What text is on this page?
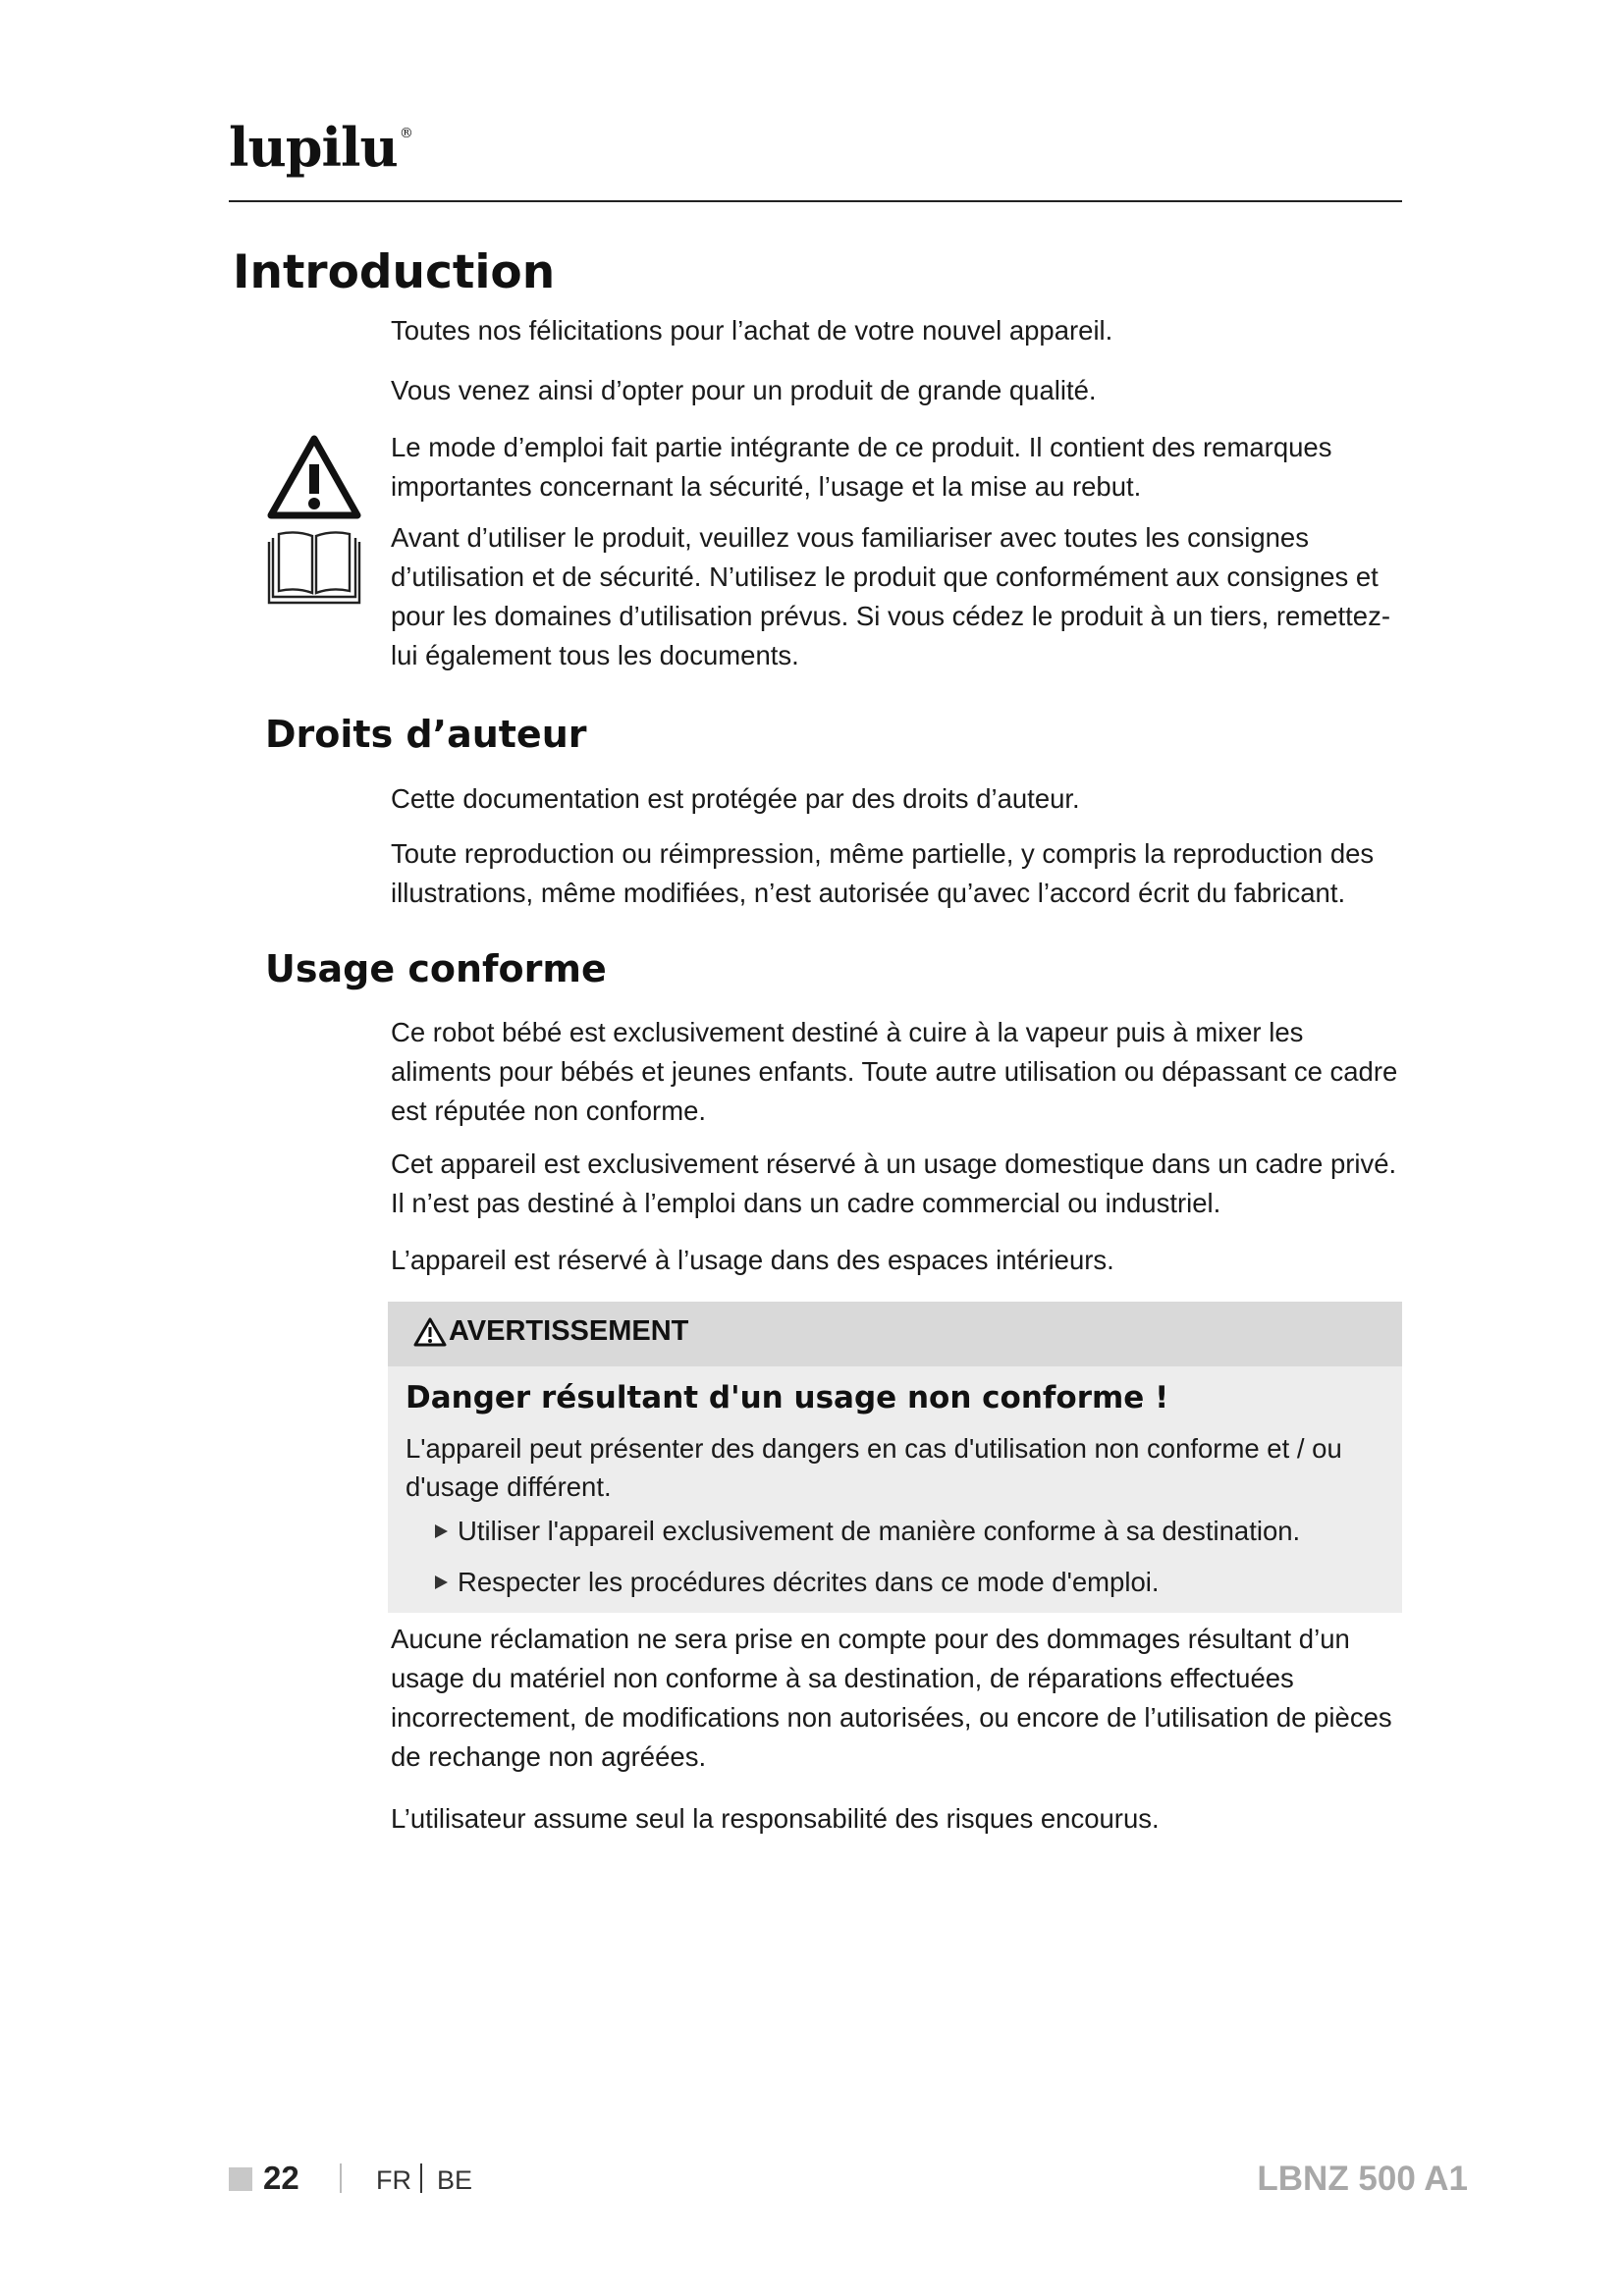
lupilu ®
Introduction

Toutes nos félicitations pour l’achat de votre nouvel appareil.

Vous venez ainsi d’opter pour un produit de grande qualité.

Le mode d’emploi fait partie intégrante de ce produit. Il contient des remarques importantes concernant la sécurité, l’usage et la mise au rebut.

Avant d’utiliser le produit, veuillez vous familiariser avec toutes les consignes d’utilisation et de sécurité. N’utilisez le produit que conformément aux consignes et pour les domaines d’utilisation prévus. Si vous cédez le produit à un tiers, remettez-lui également tous les documents.

Droits d’auteur

Cette documentation est protégée par des droits d’auteur.

Toute reproduction ou réimpression, même partielle, y compris la reproduction des illustrations, même modifiées, n’est autorisée qu’avec l’accord écrit du fabricant.

Usage conforme

Ce robot bébé est exclusivement destiné à cuire à la vapeur puis à mixer les aliments pour bébés et jeunes enfants. Toute autre utilisation ou dépassant ce cadre est réputée non conforme.

Cet appareil est exclusivement réservé à un usage domestique dans un cadre privé. Il n’est pas destiné à l’emploi dans un cadre commercial ou industriel.

L’appareil est réservé à l’usage dans des espaces intérieurs.

AVERTISSEMENT
Danger résultant d'un usage non conforme !
L'appareil peut présenter des dangers en cas d'utilisation non conforme et / ou d'usage différent.
Utiliser l'appareil exclusivement de manière conforme à sa destination.
Respecter les procédures décrites dans ce mode d'emploi.

Aucune réclamation ne sera prise en compte pour des dommages résultant d’un usage du matériel non conforme à sa destination, de réparations effectuées incorrectement, de modifications non autorisées, ou encore de l’utilisation de pièces de rechange non agréées.

L’utilisateur assume seul la responsabilité des risques encourus.

22	FR BE	LBNZ 500 A1
